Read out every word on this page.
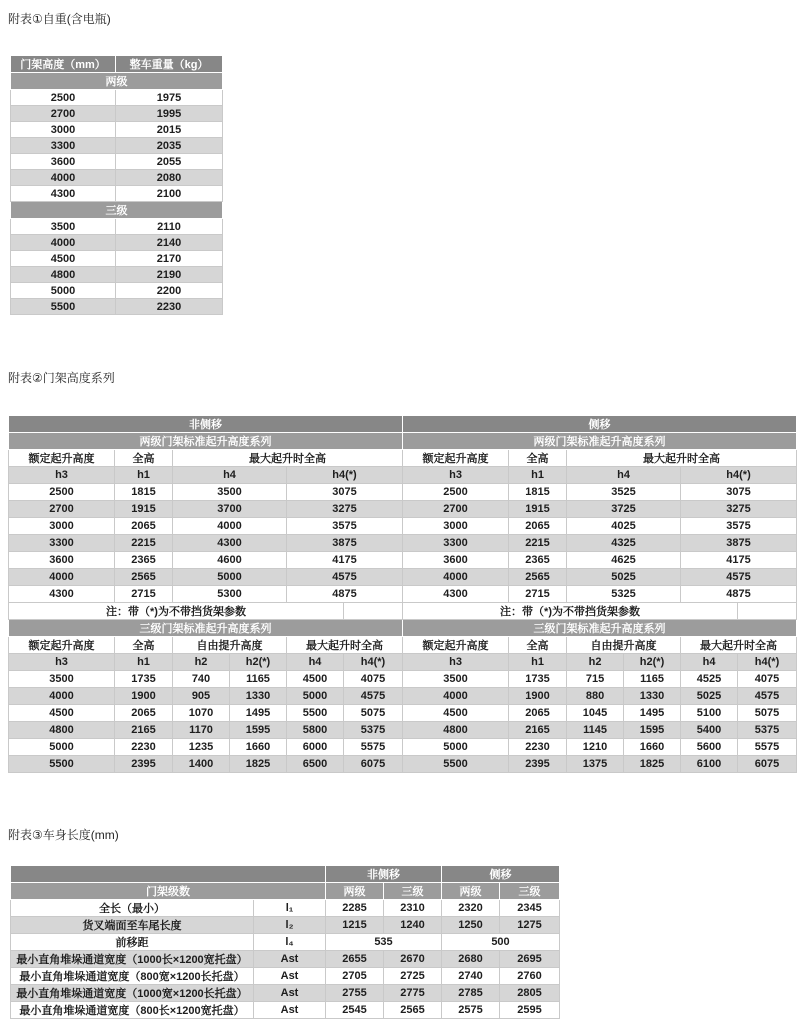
附表①自重(含电瓶)
门架高度（mm）	整车重量（kg）
两级	
2500	1975
2700	1995
3000	2015
3300	2035
3600	2055
4000	2080
4300	2100
三级	
3500	2110
4000	2140
4500	2170
4800	2190
5000	2200
5500	2230
附表②门架高度系列
非侧移					
两级门架标准起升高度系列					
额定起升高度	全高	最大起升时全高			
h3	h1	h4		h4(*)	
2500	1815	3500		3075	
2700	1915	3700		3275	
3000	2065	4000		3575	
3300	2215	4300		3875	
3600	2365	4600		4175	
4000	2565	5000		4575	
4300	2715	5300		4875	
注：带（*)为不带挡货架参数					
三级门架标准起升高度系列					
额定起升高度	全高	自由提升高度		最大起升时全高	
h3	h1	h2	h2(*)	h4	h4(*)
3500	1735	740	1165	4500	4075
4000	1900	905	1330	5000	4575
4500	2065	1070	1495	5500	5075
4800	2165	1170	1595	5800	5375
5000	2230	1235	1660	6000	5575
5500	2395	1400	1825	6500	6075
侧移					
两级门架标准起升高度系列					
额定起升高度	全高	最大起升时全高			
h3	h1	h4		h4(*)	
2500	1815	3525		3075	
2700	1915	3725		3275	
3000	2065	4025		3575	
3300	2215	4325		3875	
3600	2365	4625		4175	
4000	2565	5025		4575	
4300	2715	5325		4875	
注：带（*)为不带挡货架参数					
三级门架标准起升高度系列					
额定起升高度	全高	自由提升高度		最大起升时全高	
h3	h1	h2	h2(*)	h4	h4(*)
3500	1735	715	1165	4525	4075
4000	1900	880	1330	5025	4575
4500	2065	1045	1495	5100	5075
4800	2165	1145	1595	5400	5375
5000	2230	1210	1660	5600	5575
5500	2395	1375	1825	6100	6075
附表③车身长度(mm)
		非侧移		侧移	
门架级数		两级	三级	两级	三级
全长（最小）	l₁	2285	2310	2320	2345
货叉端面至车尾长度	l₂	1215	1240	1250	1275
前移距	l₄	535		500	
最小直角堆垛通道宽度（1000长×1200宽托盘）	Ast	2655	2670	2680	2695
最小直角堆垛通道宽度（800宽×1200长托盘）	Ast	2705	2725	2740	2760
最小直角堆垛通道宽度（1000宽×1200长托盘）	Ast	2755	2775	2785	2805
最小直角堆垛通道宽度（800长×1200宽托盘）	Ast	2545	2565	2575	2595
